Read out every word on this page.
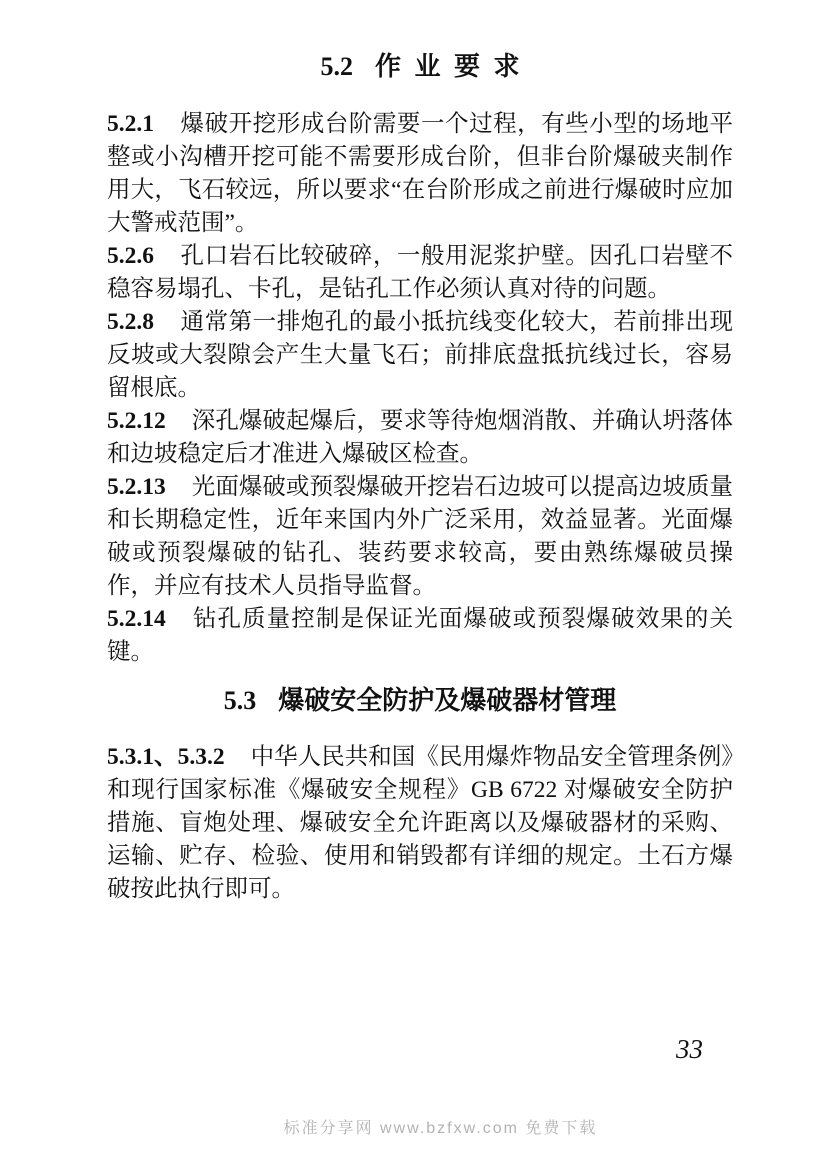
5.2 作业要求

5.2.1 爆破开挖形成台阶需要一个过程，有些小型的场地平整或小沟槽开挖可能不需要形成台阶，但非台阶爆破夹制作用大，飞石较远，所以要求“在台阶形成之前进行爆破时应加大警戒范围”。

5.2.6 孔口岩石比较破碎，一般用泥浆护壁。因孔口岩壁不稳容易塌孔、卡孔，是钻孔工作必须认真对待的问题。

5.2.8 通常第一排炮孔的最小抵抗线变化较大，若前排出现反坡或大裂隙会产生大量飞石；前排底盘抵抗线过长，容易留根底。

5.2.12 深孔爆破起爆后，要求等待炮烟消散、并确认坍落体和边坡稳定后才准进入爆破区检查。

5.2.13 光面爆破或预裂爆破开挖岩石边坡可以提高边坡质量和长期稳定性，近年来国内外广泛采用，效益显著。光面爆破或预裂爆破的钻孔、装药要求较高，要由熟练爆破员操作，并应有技术人员指导监督。

5.2.14 钻孔质量控制是保证光面爆破或预裂爆破效果的关键。

5.3 爆破安全防护及爆破器材管理

5.3.1、5.3.2 中华人民共和国《民用爆炸物品安全管理条例》和现行国家标准《爆破安全规程》GB 6722 对爆破安全防护措施、盲炮处理、爆破安全允许距离以及爆破器材的采购、运输、贮存、检验、使用和销毁都有详细的规定。土石方爆破按此执行即可。

33
标准分享网 www.bzfxw.com 免费下载
